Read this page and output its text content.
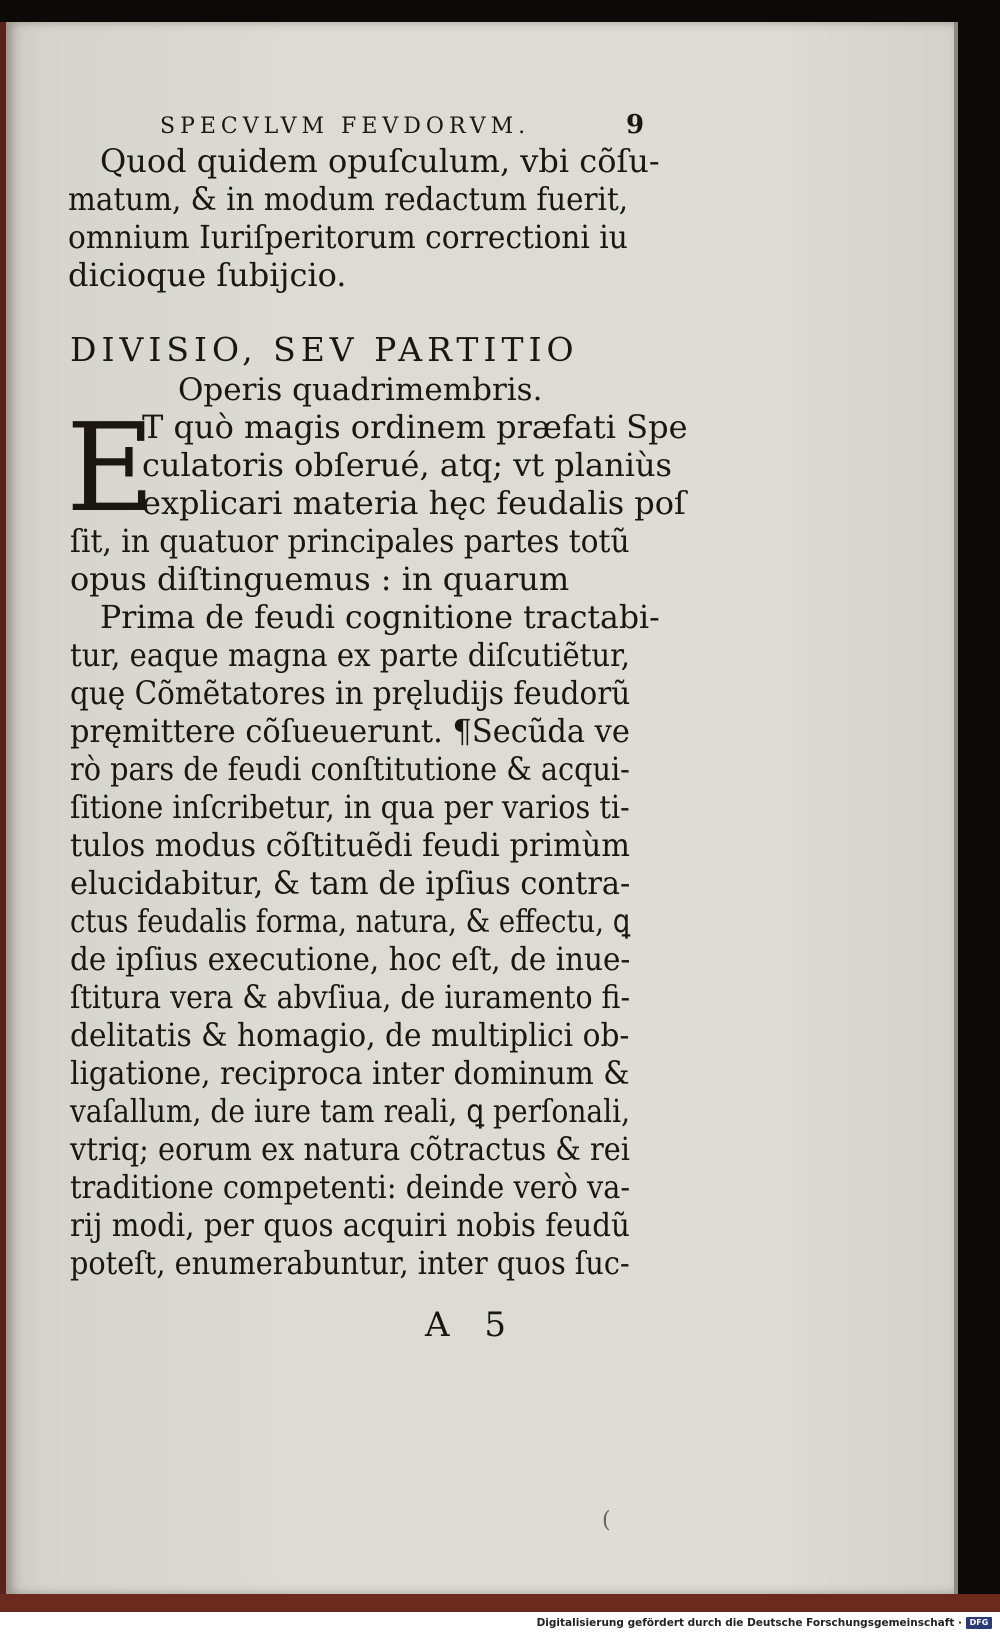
SPECVLVM FEVDORVM.	9
Quod quidem opuſculum, vbi cõſu-
matum, & in modum redactum fuerit,
omnium Iuriſperitorum correctioni iu
dicioque ſubijcio.
DIVISIO, SEV PARTITIO
Operis quadrimembris.
E
T quò magis ordinem præfati Spe
culatoris obſerué, atq; vt planiùs
explicari materia hęc feudalis poſ
ſit, in quatuor principales partes totũ
opus diſtinguemus : in quarum
Prima de feudi cognitione tractabi-
tur, eaque magna ex parte diſcutiẽtur,
quę Cõmẽtatores in pręludijs feudorũ
pręmittere cõſueuerunt. ¶Secũda ve
rò pars de feudi conſtitutione & acqui-
ſitione inſcribetur, in qua per varios ti-
tulos modus cõſtituẽdi feudi primùm
elucidabitur, & tam de ipſius contra-
ctus feudalis forma, natura, & effectu, ꝗ
de ipſius executione, hoc eſt, de inue-
ſtitura vera & abvſiua, de iuramento fi-
delitatis & homagio, de multiplici ob-
ligatione, reciproca inter dominum &
vaſallum, de iure tam reali, ꝗ perſonali,
vtriq; eorum ex natura cõtractus & rei
traditione competenti: deinde verò va-
rij modi, per quos acquiri nobis feudũ
poteſt, enumerabuntur, inter quos ſuc-
A 5
(
Digitalisierung gefördert durch die Deutsche Forschungsgemeinschaft · DFG
